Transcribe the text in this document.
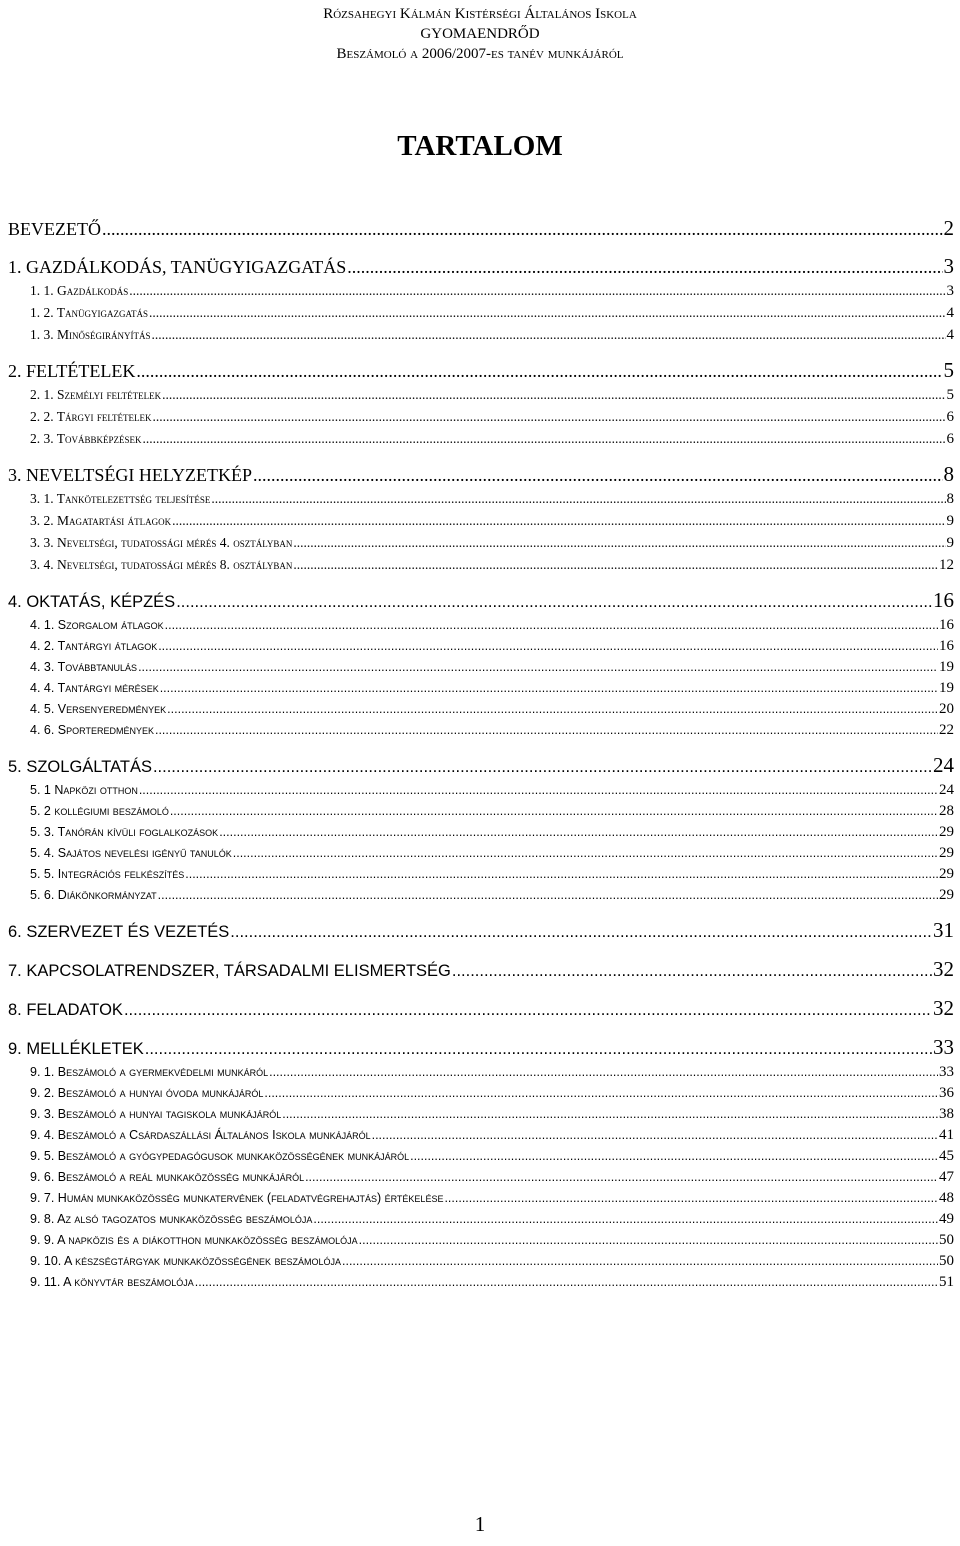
Rózsahegyi Kálmán Kistérségi Általános Iskola
GYOMAENDRŐD
Beszámoló a 2006/2007-es tanév munkájáról
TARTALOM
BEVEZETŐ .....	2
1. GAZDÁLKODÁS, TANÜGYIGAZGATÁS .....	3
1. 1. Gazdálkodás .....	3
1. 2. Tanügyigazgatás .....	4
1. 3. Minőségirányítás .....	4
2. FELTÉTELEK .....	5
2. 1. Személyi feltételek .....	5
2. 2. Tárgyi feltételek .....	6
2. 3. Továbbképzések .....	6
3. NEVELTSÉGI HELYZETKÉP .....	8
3. 1. Tankötelezettség teljesítése .....	8
3. 2. Magatartási átlagok .....	9
3. 3. Neveltségi, tudatossági mérés 4. osztályban .....	9
3. 4. Neveltségi, tudatossági mérés 8. osztályban .....	12
4. OKTATÁS, KÉPZÉS .....	16
4. 1. Szorgalom átlagok .....	16
4. 2. Tantárgyi átlagok .....	16
4. 3. Továbbtanulás .....	19
4. 4. Tantárgyi mérések .....	19
4. 5. Versenyeredmények .....	20
4. 6. Sporteredmények .....	22
5. SZOLGÁLTATÁS .....	24
5. 1 Napközi otthon .....	24
5. 2 kollégiumi beszámoló .....	28
5. 3. Tanórán kívüli foglalkozások .....	29
5. 4. Sajátos nevelési igényű tanulók .....	29
5. 5. Integrációs felkészítés .....	29
5. 6. Diákönkormányzat .....	29
6. SZERVEZET ÉS VEZETÉS .....	31
7. KAPCSOLATRENDSZER, TÁRSADALMI ELISMERTSÉG .....	32
8. FELADATOK .....	32
9. MELLÉKLETEK .....	33
9. 1. Beszámoló a gyermekvédelmi munkáról .....	33
9. 2. Beszámoló a hunyai óvoda munkájáról .....	36
9. 3. Beszámoló a hunyai tagiskola munkájáról .....	38
9. 4. Beszámoló a Csárdaszállási Általános Iskola munkájáról .....	41
9. 5. Beszámoló a gyógypedagógusok munkaközösségének munkájáról .....	45
9. 6. Beszámoló a reál munkaközösség munkájáról .....	47
9. 7. Humán munkaközösség munkatervének (feladatvégrehajtás) értékelése .....	48
9. 8. Az alsó tagozatos munkaközösség beszámolója .....	49
9. 9. A napközis és a diákotthon munkaközösség beszámolója .....	50
9. 10. A készségtárgyak munkaközösségének beszámolója .....	50
9. 11. A könyvtár beszámolója .....	51
1
